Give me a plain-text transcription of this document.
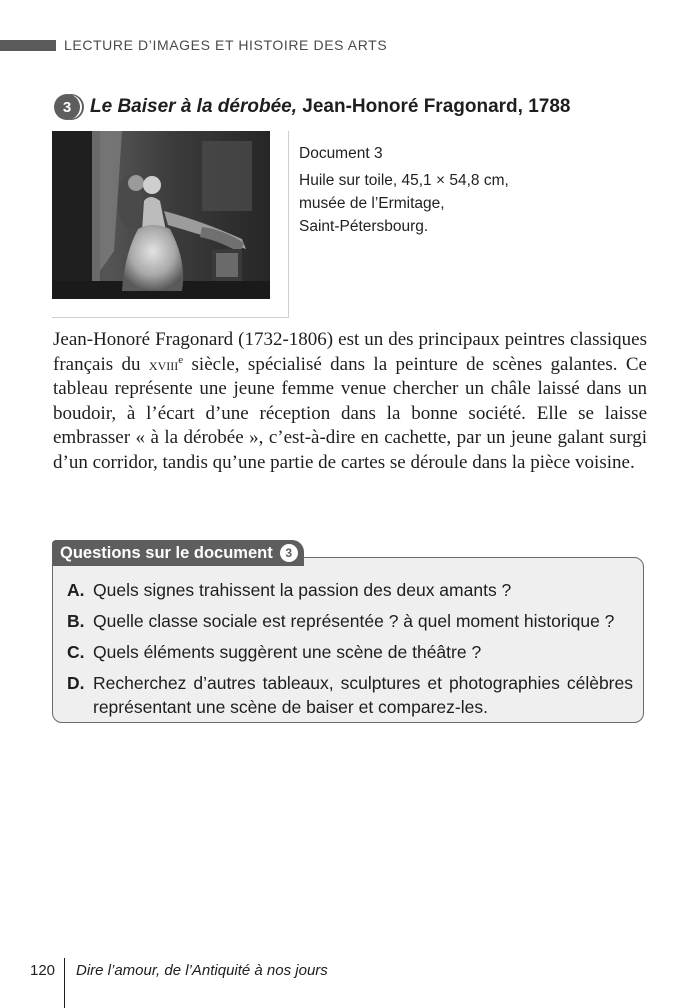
LECTURE D’IMAGES ET HISTOIRE DES ARTS
3 Le Baiser à la dérobée, Jean-Honoré Fragonard, 1788
Document 3
Huile sur toile, 45,1 × 54,8 cm,
musée de l’Ermitage,
Saint-Pétersbourg.
Jean-Honoré Fragonard (1732-1806) est un des principaux peintres classiques français du xviii$^e$ siècle, spécialisé dans la peinture de scènes galantes. Ce tableau représente une jeune femme venue chercher un châle laissé dans un boudoir, à l’écart d’une réception dans la bonne société. Elle se laisse embrasser « à la dérobée », c’est-à-dire en cachette, par un jeune galant surgi d’un corridor, tandis qu’une partie de cartes se déroule dans la pièce voisine.
Questions sur le document	3
A. Quels signes trahissent la passion des deux amants ?
B. Quelle classe sociale est représentée ? à quel moment historique ?
C. Quels éléments suggèrent une scène de théâtre ?
D. Recherchez d’autres tableaux, sculptures et photographies célèbres représentant une scène de baiser et comparez-les.
120 Dire l’amour, de l’Antiquité à nos jours
